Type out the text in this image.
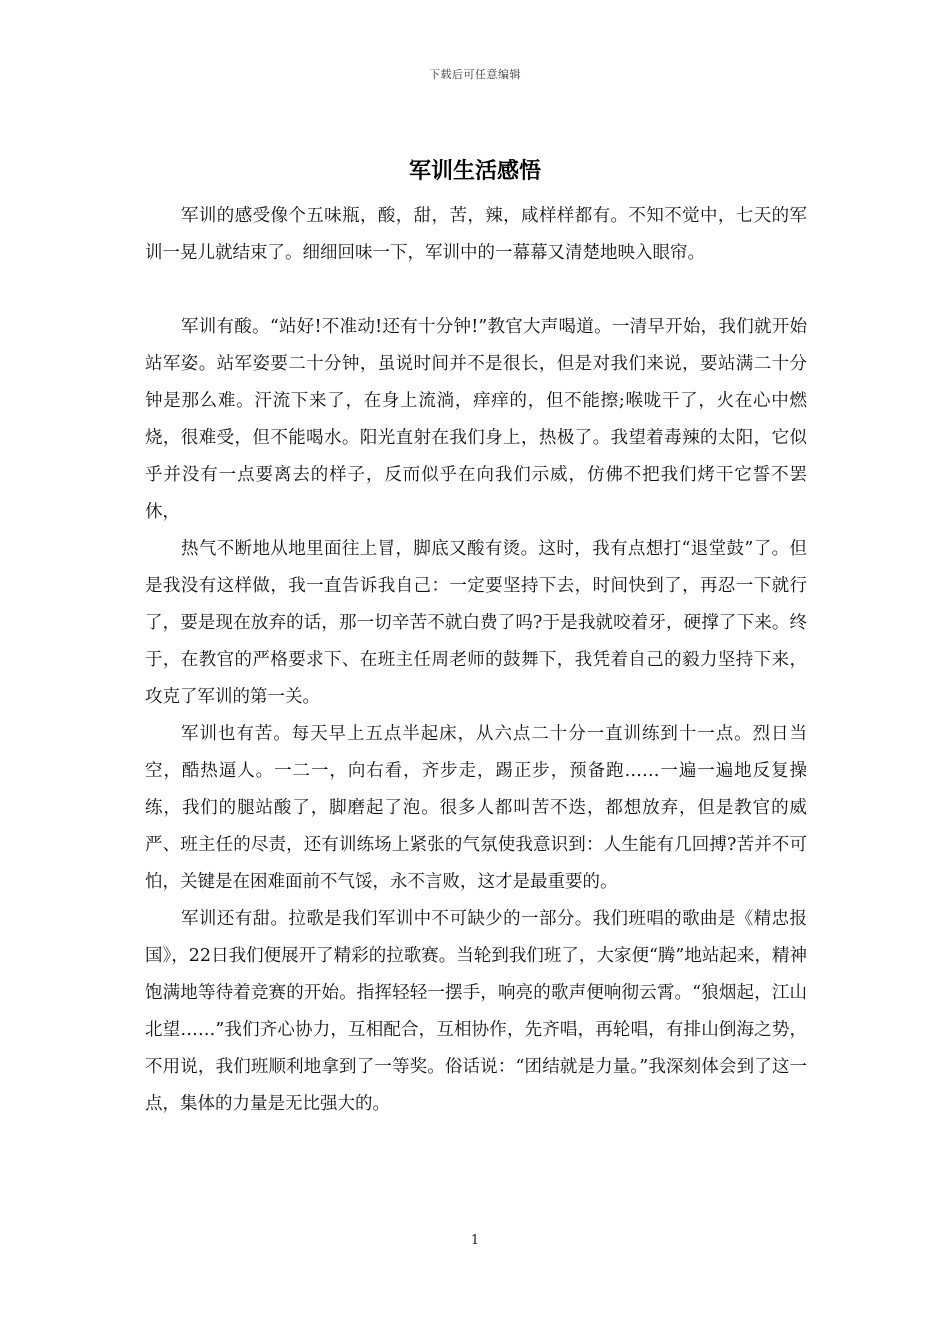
下载后可任意编辑
军训生活感悟

军训的感受像个五味瓶，酸，甜，苦，辣，咸样样都有。不知不觉中，七天的军训一晃儿就结束了。细细回味一下，军训中的一幕幕又清楚地映入眼帘。

军训有酸。“站好!不准动!还有十分钟!”教官大声喝道。一清早开始，我们就开始站军姿。站军姿要二十分钟，虽说时间并不是很长，但是对我们来说，要站满二十分钟是那么难。汗流下来了，在身上流淌，痒痒的，但不能擦;喉咙干了，火在心中燃烧，很难受，但不能喝水。阳光直射在我们身上，热极了。我望着毒辣的太阳，它似乎并没有一点要离去的样子，反而似乎在向我们示威，仿佛不把我们烤干它誓不罢休，

热气不断地从地里面往上冒，脚底又酸有烫。这时，我有点想打“退堂鼓”了。但是我没有这样做，我一直告诉我自己：一定要坚持下去，时间快到了，再忍一下就行了，要是现在放弃的话，那一切辛苦不就白费了吗?于是我就咬着牙，硬撑了下来。终于，在教官的严格要求下、在班主任周老师的鼓舞下，我凭着自己的毅力坚持下来，攻克了军训的第一关。

军训也有苦。每天早上五点半起床，从六点二十分一直训练到十一点。烈日当空，酷热逼人。一二一，向右看，齐步走，踢正步，预备跑……一遍一遍地反复操练，我们的腿站酸了，脚磨起了泡。很多人都叫苦不迭，都想放弃，但是教官的威严、班主任的尽责，还有训练场上紧张的气氛使我意识到：人生能有几回搏?苦并不可怕，关键是在困难面前不气馁，永不言败，这才是最重要的。

军训还有甜。拉歌是我们军训中不可缺少的一部分。我们班唱的歌曲是《精忠报国》，22日我们便展开了精彩的拉歌赛。当轮到我们班了，大家便“腾”地站起来，精神饱满地等待着竞赛的开始。指挥轻轻一摆手，响亮的歌声便响彻云霄。“狼烟起，江山北望……”我们齐心协力，互相配合，互相协作，先齐唱，再轮唱，有排山倒海之势，不用说，我们班顺利地拿到了一等奖。俗话说：“团结就是力量。”我深刻体会到了这一点，集体的力量是无比强大的。

1
